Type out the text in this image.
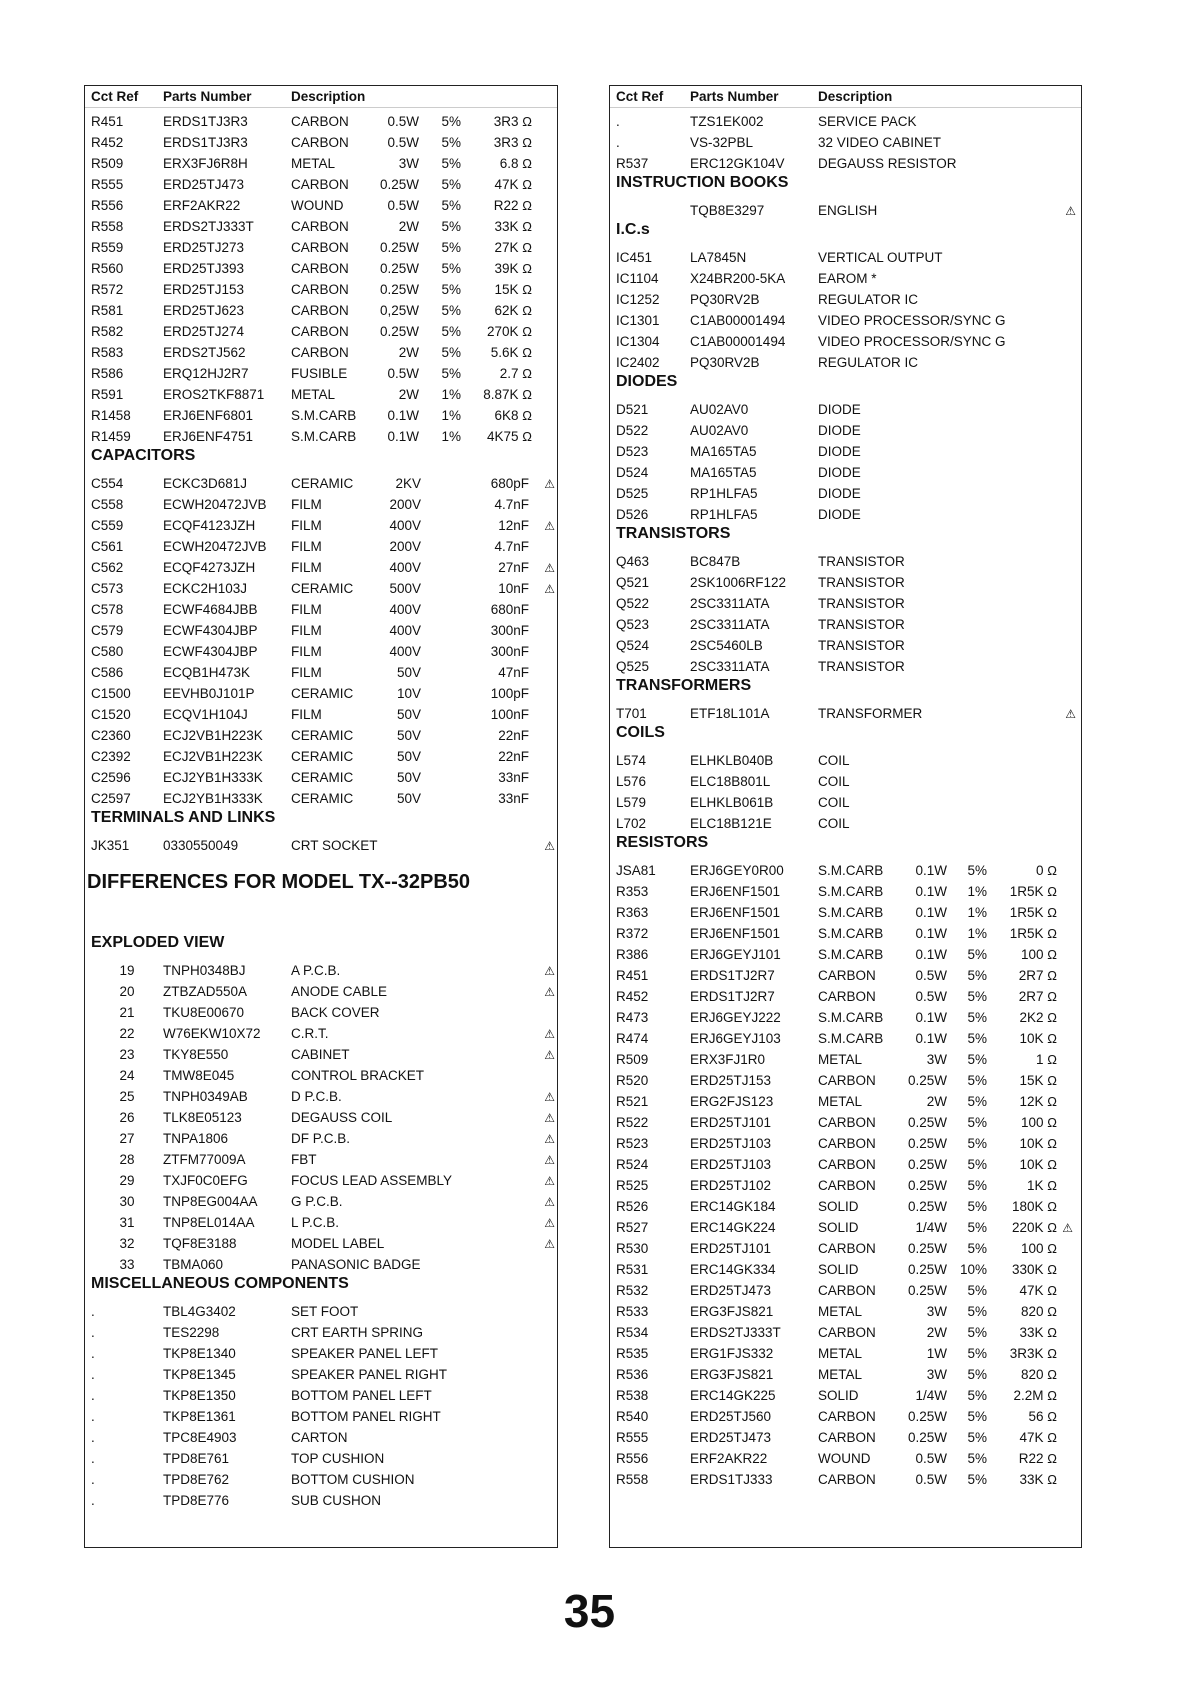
Cct Ref	Parts Number	Description
R451	ERDS1TJ3R3	CARBON	0.5W	5%	3R3 Ω
R452	ERDS1TJ3R3	CARBON	0.5W	5%	3R3 Ω
R509	ERX3FJ6R8H	METAL	3W	5%	6.8 Ω
R555	ERD25TJ473	CARBON	0.25W	5%	47K Ω
R556	ERF2AKR22	WOUND	0.5W	5%	R22 Ω
R558	ERDS2TJ333T	CARBON	2W	5%	33K Ω
R559	ERD25TJ273	CARBON	0.25W	5%	27K Ω
R560	ERD25TJ393	CARBON	0.25W	5%	39K Ω
R572	ERD25TJ153	CARBON	0.25W	5%	15K Ω
R581	ERD25TJ623	CARBON	0,25W	5%	62K Ω
R582	ERD25TJ274	CARBON	0.25W	5%	270K Ω
R583	ERDS2TJ562	CARBON	2W	5%	5.6K Ω
R586	ERQ12HJ2R7	FUSIBLE	0.5W	5%	2.7 Ω
R591	EROS2TKF8871	METAL	2W	1%	8.87K Ω
R1458	ERJ6ENF6801	S.M.CARB	0.1W	1%	6K8 Ω
R1459	ERJ6ENF4751	S.M.CARB	0.1W	1%	4K75 Ω
CAPACITORS
C554	ECKC3D681J	CERAMIC	2KV	680pF	⚠
C558	ECWH20472JVB	FILM	200V	4.7nF
C559	ECQF4123JZH	FILM	400V	12nF	⚠
C561	ECWH20472JVB	FILM	200V	4.7nF
C562	ECQF4273JZH	FILM	400V	27nF	⚠
C573	ECKC2H103J	CERAMIC	500V	10nF	⚠
C578	ECWF4684JBB	FILM	400V	680nF
C579	ECWF4304JBP	FILM	400V	300nF
C580	ECWF4304JBP	FILM	400V	300nF
C586	ECQB1H473K	FILM	50V	47nF
C1500	EEVHB0J101P	CERAMIC	10V	100pF
C1520	ECQV1H104J	FILM	50V	100nF
C2360	ECJ2VB1H223K	CERAMIC	50V	22nF
C2392	ECJ2VB1H223K	CERAMIC	50V	22nF
C2596	ECJ2YB1H333K	CERAMIC	50V	33nF
C2597	ECJ2YB1H333K	CERAMIC	50V	33nF
TERMINALS AND LINKS
JK351	0330550049	CRT SOCKET	⚠
DIFFERENCES FOR MODEL TX--32PB50
EXPLODED VIEW
19	TNPH0348BJ	A P.C.B.	⚠
20	ZTBZAD550A	ANODE CABLE	⚠
21	TKU8E00670	BACK COVER
22	W76EKW10X72	C.R.T.	⚠
23	TKY8E550	CABINET	⚠
24	TMW8E045	CONTROL BRACKET
25	TNPH0349AB	D P.C.B.	⚠
26	TLK8E05123	DEGAUSS COIL	⚠
27	TNPA1806	DF P.C.B.	⚠
28	ZTFM77009A	FBT	⚠
29	TXJF0C0EFG	FOCUS LEAD ASSEMBLY	⚠
30	TNP8EG004AA	G P.C.B.	⚠
31	TNP8EL014AA	L P.C.B.	⚠
32	TQF8E3188	MODEL LABEL	⚠
33	TBMA060	PANASONIC BADGE
MISCELLANEOUS COMPONENTS
.	TBL4G3402	SET FOOT
.	TES2298	CRT EARTH SPRING
.	TKP8E1340	SPEAKER PANEL LEFT
.	TKP8E1345	SPEAKER PANEL RIGHT
.	TKP8E1350	BOTTOM PANEL LEFT
.	TKP8E1361	BOTTOM PANEL RIGHT
.	TPC8E4903	CARTON
.	TPD8E761	TOP CUSHION
.	TPD8E762	BOTTOM CUSHION
.	TPD8E776	SUB CUSHON
Cct Ref	Parts Number	Description
.	TZS1EK002	SERVICE PACK
.	VS-32PBL	32 VIDEO CABINET
R537	ERC12GK104V	DEGAUSS RESISTOR
INSTRUCTION BOOKS
TQB8E3297	ENGLISH	⚠
I.C.s
IC451	LA7845N	VERTICAL OUTPUT
IC1104	X24BR200-5KA	EAROM *
IC1252	PQ30RV2B	REGULATOR IC
IC1301	C1AB00001494	VIDEO PROCESSOR/SYNC G
IC1304	C1AB00001494	VIDEO PROCESSOR/SYNC G
IC2402	PQ30RV2B	REGULATOR IC
DIODES
D521	AU02AV0	DIODE
D522	AU02AV0	DIODE
D523	MA165TA5	DIODE
D524	MA165TA5	DIODE
D525	RP1HLFA5	DIODE
D526	RP1HLFA5	DIODE
TRANSISTORS
Q463	BC847B	TRANSISTOR
Q521	2SK1006RF122	TRANSISTOR
Q522	2SC3311ATA	TRANSISTOR
Q523	2SC3311ATA	TRANSISTOR
Q524	2SC5460LB	TRANSISTOR
Q525	2SC3311ATA	TRANSISTOR
TRANSFORMERS
T701	ETF18L101A	TRANSFORMER	⚠
COILS
L574	ELHKLB040B	COIL
L576	ELC18B801L	COIL
L579	ELHKLB061B	COIL
L702	ELC18B121E	COIL
RESISTORS
JSA81	ERJ6GEY0R00	S.M.CARB	0.1W	5%	0 Ω
R353	ERJ6ENF1501	S.M.CARB	0.1W	1%	1R5K Ω
R363	ERJ6ENF1501	S.M.CARB	0.1W	1%	1R5K Ω
R372	ERJ6ENF1501	S.M.CARB	0.1W	1%	1R5K Ω
R386	ERJ6GEYJ101	S.M.CARB	0.1W	5%	100 Ω
R451	ERDS1TJ2R7	CARBON	0.5W	5%	2R7 Ω
R452	ERDS1TJ2R7	CARBON	0.5W	5%	2R7 Ω
R473	ERJ6GEYJ222	S.M.CARB	0.1W	5%	2K2 Ω
R474	ERJ6GEYJ103	S.M.CARB	0.1W	5%	10K Ω
R509	ERX3FJ1R0	METAL	3W	5%	1 Ω
R520	ERD25TJ153	CARBON	0.25W	5%	15K Ω
R521	ERG2FJS123	METAL	2W	5%	12K Ω
R522	ERD25TJ101	CARBON	0.25W	5%	100 Ω
R523	ERD25TJ103	CARBON	0.25W	5%	10K Ω
R524	ERD25TJ103	CARBON	0.25W	5%	10K Ω
R525	ERD25TJ102	CARBON	0.25W	5%	1K Ω
R526	ERC14GK184	SOLID	0.25W	5%	180K Ω
R527	ERC14GK224	SOLID	1/4W	5%	220K Ω ⚠
R530	ERD25TJ101	CARBON	0.25W	5%	100 Ω
R531	ERC14GK334	SOLID	0.25W 10%	330K Ω
R532	ERD25TJ473	CARBON	0.25W	5%	47K Ω
R533	ERG3FJS821	METAL	3W	5%	820 Ω
R534	ERDS2TJ333T	CARBON	2W	5%	33K Ω
R535	ERG1FJS332	METAL	1W	5%	3R3K Ω
R536	ERG3FJS821	METAL	3W	5%	820 Ω
R538	ERC14GK225	SOLID	1/4W	5%	2.2M Ω
R540	ERD25TJ560	CARBON	0.25W	5%	56 Ω
R555	ERD25TJ473	CARBON	0.25W	5%	47K Ω
R556	ERF2AKR22	WOUND	0.5W	5%	R22 Ω
R558	ERDS1TJ333	CARBON	0.5W	5%	33K Ω
35
